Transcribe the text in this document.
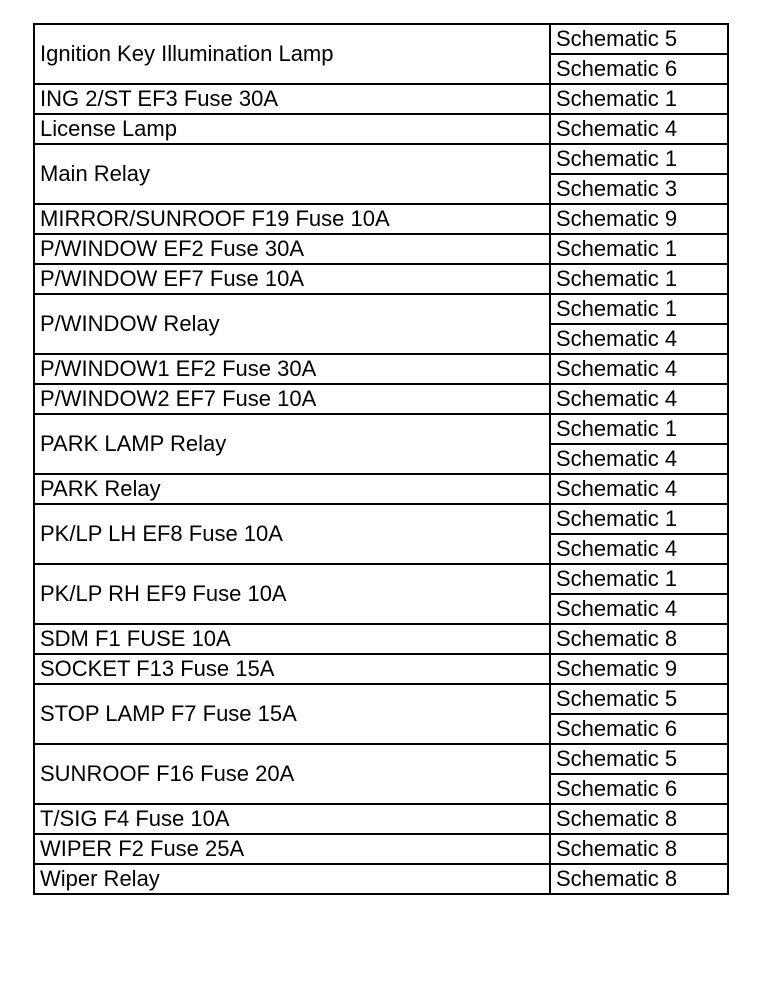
Ignition Key Illumination Lamp	Schematic 5
	Schematic 6
ING 2/ST EF3 Fuse 30A	Schematic 1
License Lamp	Schematic 4
Main Relay	Schematic 1
	Schematic 3
MIRROR/SUNROOF F19 Fuse 10A	Schematic 9
P/WINDOW EF2 Fuse 30A	Schematic 1
P/WINDOW EF7 Fuse 10A	Schematic 1
P/WINDOW Relay	Schematic 1
	Schematic 4
P/WINDOW1 EF2 Fuse 30A	Schematic 4
P/WINDOW2 EF7 Fuse 10A	Schematic 4
PARK LAMP Relay	Schematic 1
	Schematic 4
PARK Relay	Schematic 4
PK/LP LH EF8 Fuse 10A	Schematic 1
	Schematic 4
PK/LP RH EF9 Fuse 10A	Schematic 1
	Schematic 4
SDM F1 FUSE 10A	Schematic 8
SOCKET F13 Fuse 15A	Schematic 9
STOP LAMP F7 Fuse 15A	Schematic 5
	Schematic 6
SUNROOF F16 Fuse 20A	Schematic 5
	Schematic 6
T/SIG F4 Fuse 10A	Schematic 8
WIPER F2 Fuse 25A	Schematic 8
Wiper Relay	Schematic 8
